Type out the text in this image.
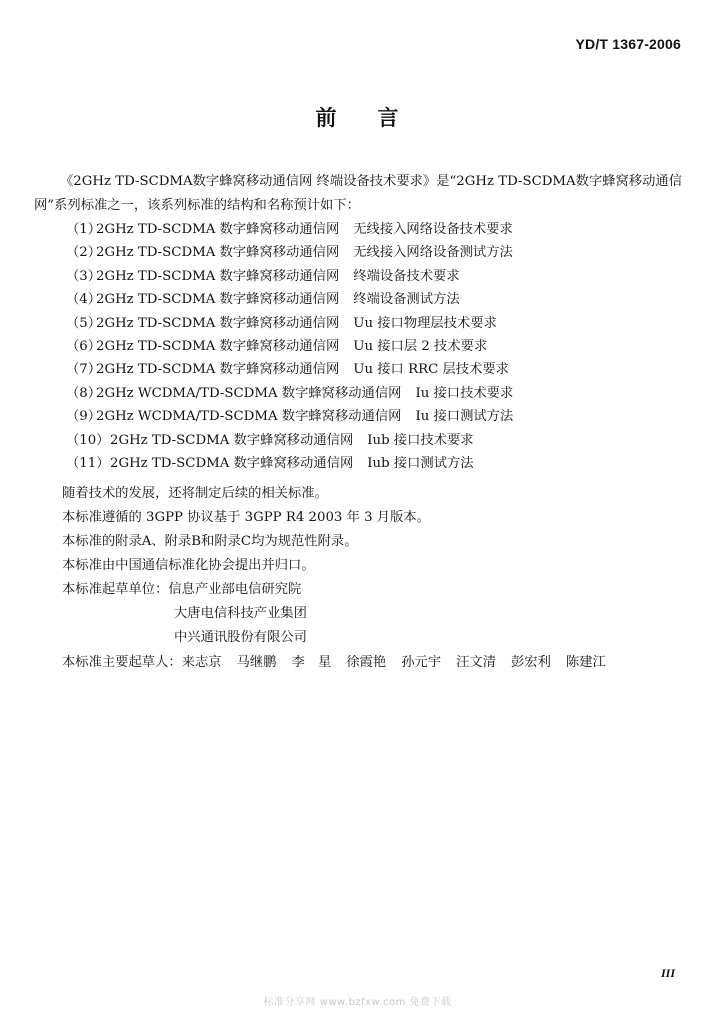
YD/T 1367-2006
前 言

《2GHz TD-SCDMA数字蜂窝移动通信网 终端设备技术要求》是“2GHz TD-SCDMA数字蜂窝移动通信网”系列标准之一，该系列标准的结构和名称预计如下：

（1）2GHz TD-SCDMA 数字蜂窝移动通信网 无线接入网络设备技术要求
（2）2GHz TD-SCDMA 数字蜂窝移动通信网 无线接入网络设备测试方法
（3）2GHz TD-SCDMA 数字蜂窝移动通信网 终端设备技术要求
（4）2GHz TD-SCDMA 数字蜂窝移动通信网 终端设备测试方法
（5）2GHz TD-SCDMA 数字蜂窝移动通信网 Uu 接口物理层技术要求
（6）2GHz TD-SCDMA 数字蜂窝移动通信网 Uu 接口层 2 技术要求
（7）2GHz TD-SCDMA 数字蜂窝移动通信网 Uu 接口 RRC 层技术要求
（8）2GHz WCDMA/TD-SCDMA 数字蜂窝移动通信网 Iu 接口技术要求
（9）2GHz WCDMA/TD-SCDMA 数字蜂窝移动通信网 Iu 接口测试方法
（10）2GHz TD-SCDMA 数字蜂窝移动通信网 Iub 接口技术要求
（11）2GHz TD-SCDMA 数字蜂窝移动通信网 Iub 接口测试方法
随着技术的发展，还将制定后续的相关标准。
本标准遵循的 3GPP 协议基于 3GPP R4 2003 年 3 月版本。
本标准的附录A、附录B和附录C均为规范性附录。
本标准由中国通信标准化协会提出并归口。
本标准起草单位：信息产业部电信研究院
大唐电信科技产业集团
中兴通讯股份有限公司
本标准主要起草人：来志京 马继鹏 李　星 徐霞艳 孙元宇 汪文清 彭宏利 陈建江
III
标准分享网 www.bzfxw.com 免费下载
